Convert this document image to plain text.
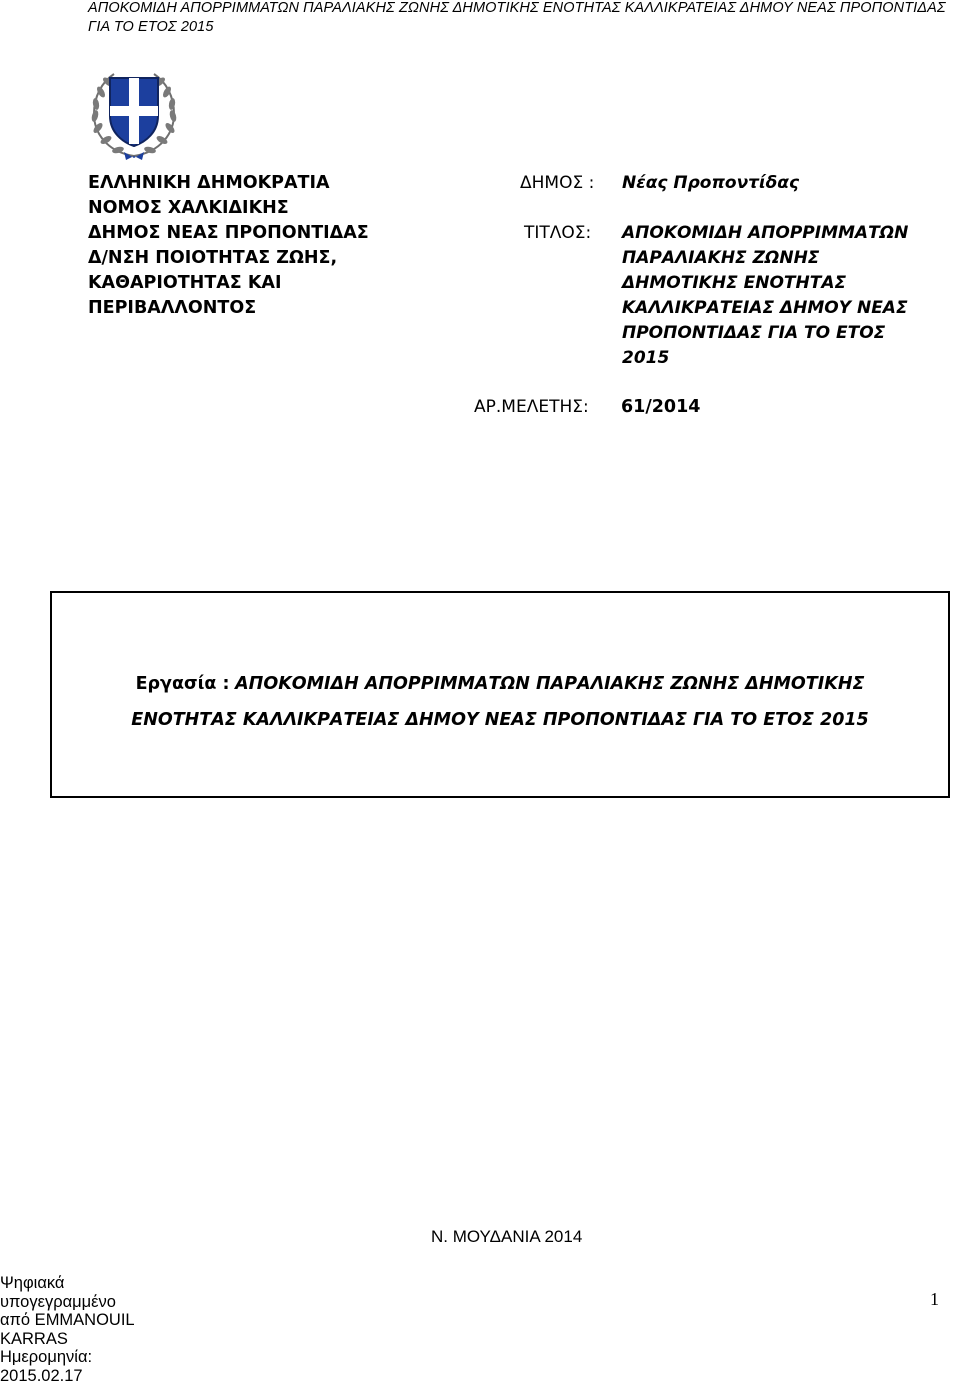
ΑΠΟΚΟΜΙΔΗ ΑΠΟΡΡΙΜΜΑΤΩΝ ΠΑΡΑΛΙΑΚΗΣ ΖΩΝΗΣ ΔΗΜΟΤΙΚΗΣ ΕΝΟΤΗΤΑΣ ΚΑΛΛΙΚΡΑΤΕΙΑΣ ΔΗΜΟΥ ΝΕΑΣ ΠΡΟΠΟΝΤΙΔΑΣ ΓΙΑ ΤΟ ΕΤΟΣ 2015
ΕΛΛΗΝΙΚΗ ΔΗΜΟΚΡΑΤΙΑ
ΝΟΜΟΣ ΧΑΛΚΙΔΙΚΗΣ
ΔΗΜΟΣ ΝΕΑΣ ΠΡΟΠΟΝΤΙΔΑΣ
Δ/ΝΣΗ ΠΟΙΟΤΗΤΑΣ ΖΩΗΣ,
ΚΑΘΑΡΙΟΤΗΤΑΣ ΚΑΙ
ΠΕΡΙΒΑΛΛΟΝΤΟΣ
ΔΗΜΟΣ : Νέας Προποντίδας
ΤΙΤΛΟΣ: ΑΠΟΚΟΜΙΔΗ ΑΠΟΡΡΙΜΜΑΤΩΝ
ΠΑΡΑΛΙΑΚΗΣ ΖΩΝΗΣ
ΔΗΜΟΤΙΚΗΣ ΕΝΟΤΗΤΑΣ
ΚΑΛΛΙΚΡΑΤΕΙΑΣ ΔΗΜΟΥ ΝΕΑΣ
ΠΡΟΠΟΝΤΙΔΑΣ ΓΙΑ ΤΟ ΕΤΟΣ
2015
ΑΡ.ΜΕΛΕΤΗΣ: 61/2014
Εργασία : ΑΠΟΚΟΜΙΔΗ ΑΠΟΡΡΙΜΜΑΤΩΝ ΠΑΡΑΛΙΑΚΗΣ ΖΩΝΗΣ ΔΗΜΟΤΙΚΗΣ
ΕΝΟΤΗΤΑΣ ΚΑΛΛΙΚΡΑΤΕΙΑΣ ΔΗΜΟΥ ΝΕΑΣ ΠΡΟΠΟΝΤΙΔΑΣ ΓΙΑ ΤΟ ΕΤΟΣ 2015
Ν. ΜΟΥΔΑΝΙΑ 2014
Ψηφιακά
υπογεγραμμένο
από EMMANOUIL
KARRAS
Ημερομηνία:
2015.02.17
1
